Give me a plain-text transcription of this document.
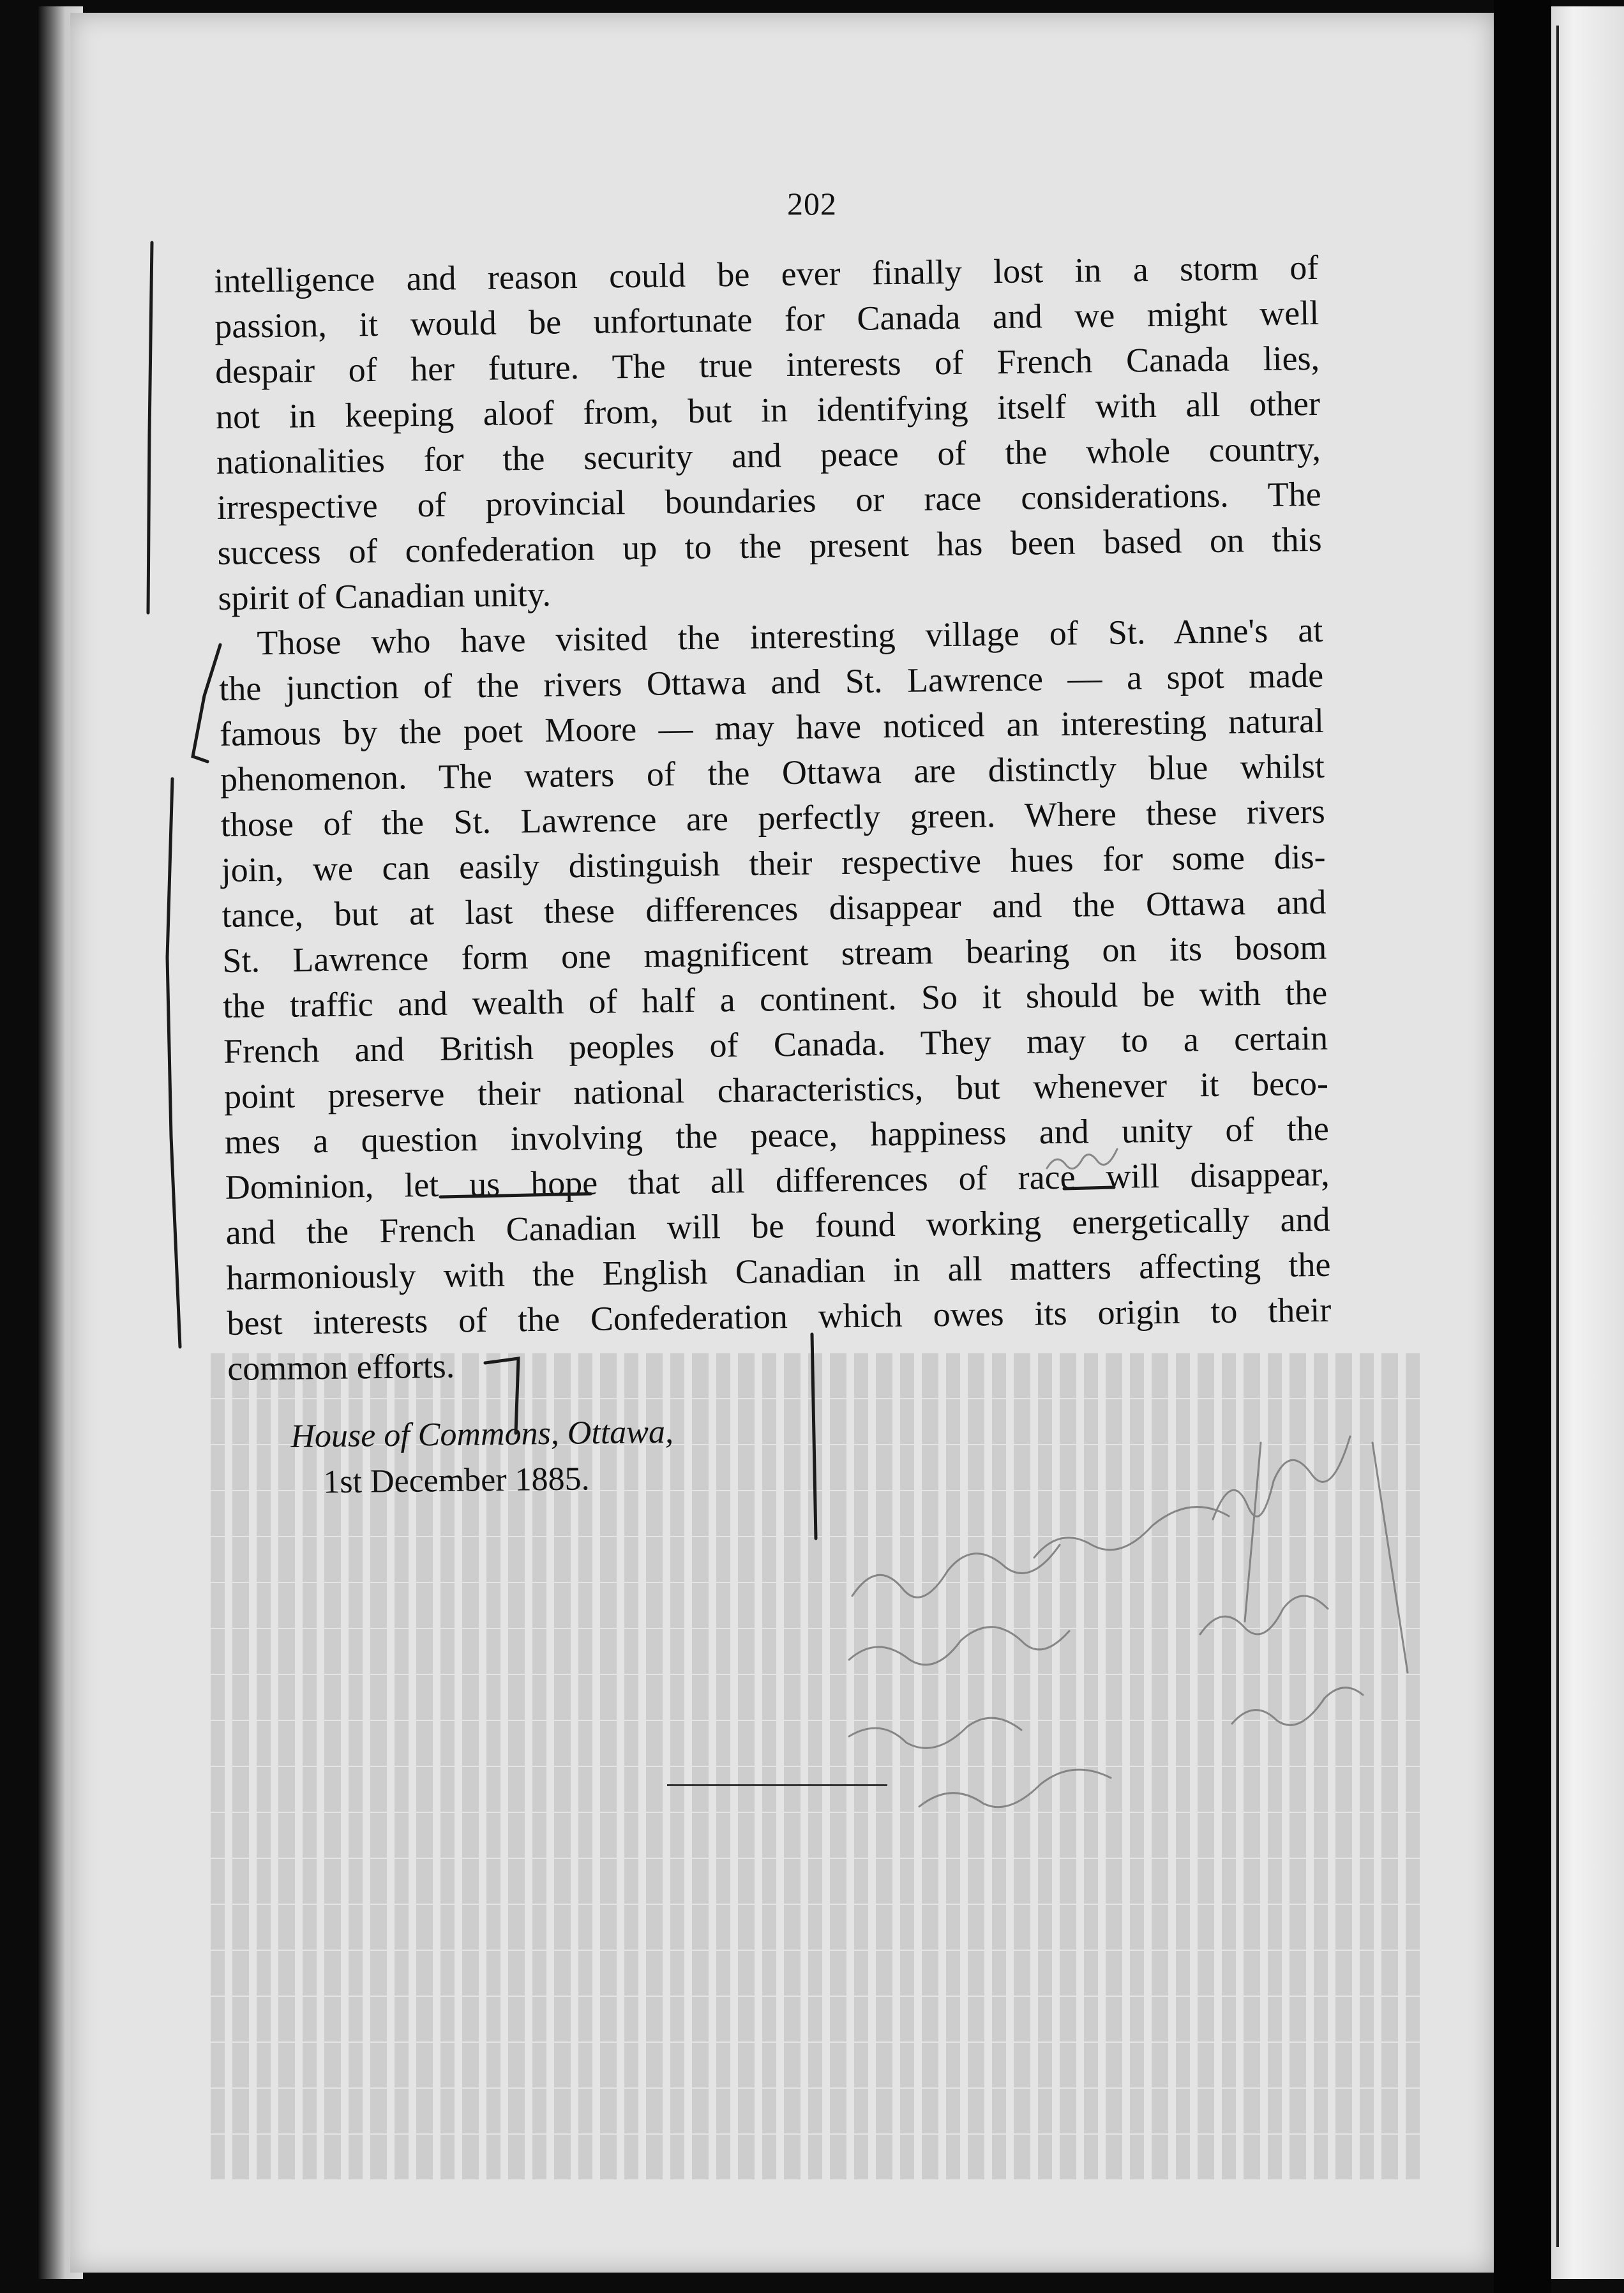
202
intelligence and reason could be ever finally lost in a storm of
passion, it would be unfortunate for Canada and we might well
despair of her future. The true interests of French Canada lies,
not in keeping aloof from, but in identifying itself with all other
nationalities for the security and peace of the whole country,
irrespective of provincial boundaries or race considerations. The
success of confederation up to the present has been based on this
spirit of Canadian unity.
Those who have visited the interesting village of St. Anne's at
the junction of the rivers Ottawa and St. Lawrence — a spot made
famous by the poet Moore — may have noticed an interesting natural
phenomenon. The waters of the Ottawa are distinctly blue whilst
those of the St. Lawrence are perfectly green. Where these rivers
join, we can easily distinguish their respective hues for some dis-
tance, but at last these differences disappear and the Ottawa and
St. Lawrence form one magnificent stream bearing on its bosom
the traffic and wealth of half a continent. So it should be with the
French and British peoples of Canada. They may to a certain
point preserve their national characteristics, but whenever it beco-
mes a question involving the peace, happiness and unity of the
Dominion, let us hope that all differences of race will disappear,
and the French Canadian will be found working energetically and
harmoniously with the English Canadian in all matters affecting the
best interests of the Confederation which owes its origin to their
common efforts.
House of Commons, Ottawa,
1st December 1885.
